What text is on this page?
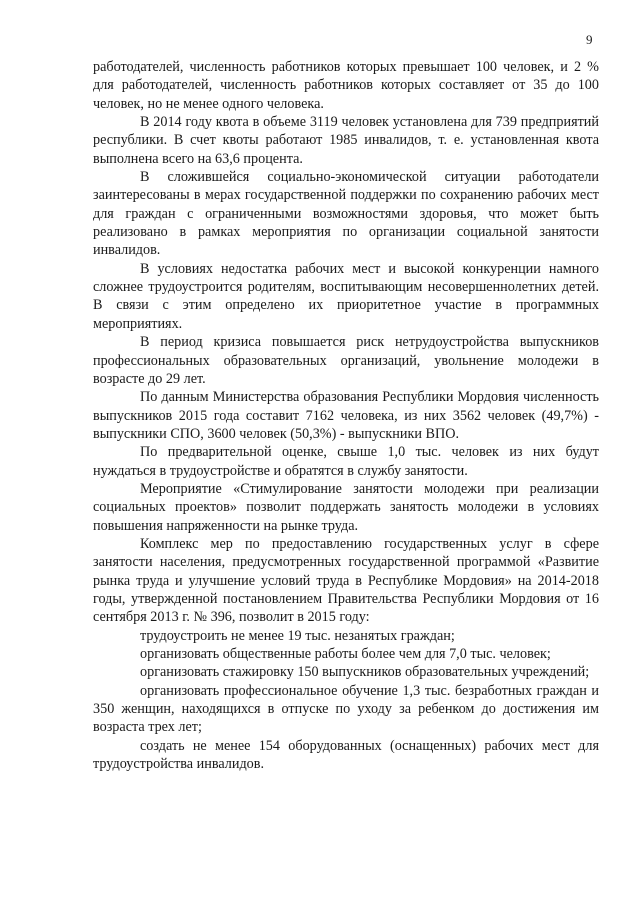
9

работодателей, численность работников которых превышает 100 человек, и 2 % для работодателей, численность работников которых составляет от 35 до 100 человек, но не менее одного человека.

В 2014 году квота в объеме 3119 человек установлена для 739 предприятий республики. В счет квоты работают 1985 инвалидов, т. е. установленная квота выполнена всего на 63,6 процента.

В сложившейся социально-экономической ситуации работодатели заинтересованы в мерах государственной поддержки по сохранению рабочих мест для граждан с ограниченными возможностями здоровья, что может быть реализовано в рамках мероприятия по организации социальной занятости инвалидов.

В условиях недостатка рабочих мест и высокой конкуренции намного сложнее трудоустроится родителям, воспитывающим несовершеннолетних детей. В связи с этим определено их приоритетное участие в программных мероприятиях.

В период кризиса повышается риск нетрудоустройства выпускников профессиональных образовательных организаций, увольнение молодежи в возрасте до 29 лет.

По данным Министерства образования Республики Мордовия численность выпускников 2015 года составит 7162 человека, из них 3562 человек (49,7%) - выпускники СПО, 3600 человек (50,3%) - выпускники ВПО.

По предварительной оценке, свыше 1,0 тыс. человек из них будут нуждаться в трудоустройстве и обратятся в службу занятости.

Мероприятие «Стимулирование занятости молодежи при реализации социальных проектов» позволит поддержать занятость молодежи в условиях повышения напряженности на рынке труда.

Комплекс мер по предоставлению государственных услуг в сфере занятости населения, предусмотренных государственной программой «Развитие рынка труда и улучшение условий труда в Республике Мордовия» на 2014-2018 годы, утвержденной постановлением Правительства Республики Мордовия от 16 сентября 2013 г. № 396, позволит в 2015 году:

трудоустроить не менее 19 тыс. незанятых граждан;

организовать общественные работы более чем для 7,0 тыс. человек;

организовать стажировку 150 выпускников образовательных учреждений;

организовать профессиональное обучение 1,3 тыс. безработных граждан и 350 женщин, находящихся в отпуске по уходу за ребенком до достижения им возраста трех лет;

создать не менее 154 оборудованных (оснащенных) рабочих мест для трудоустройства инвалидов.
